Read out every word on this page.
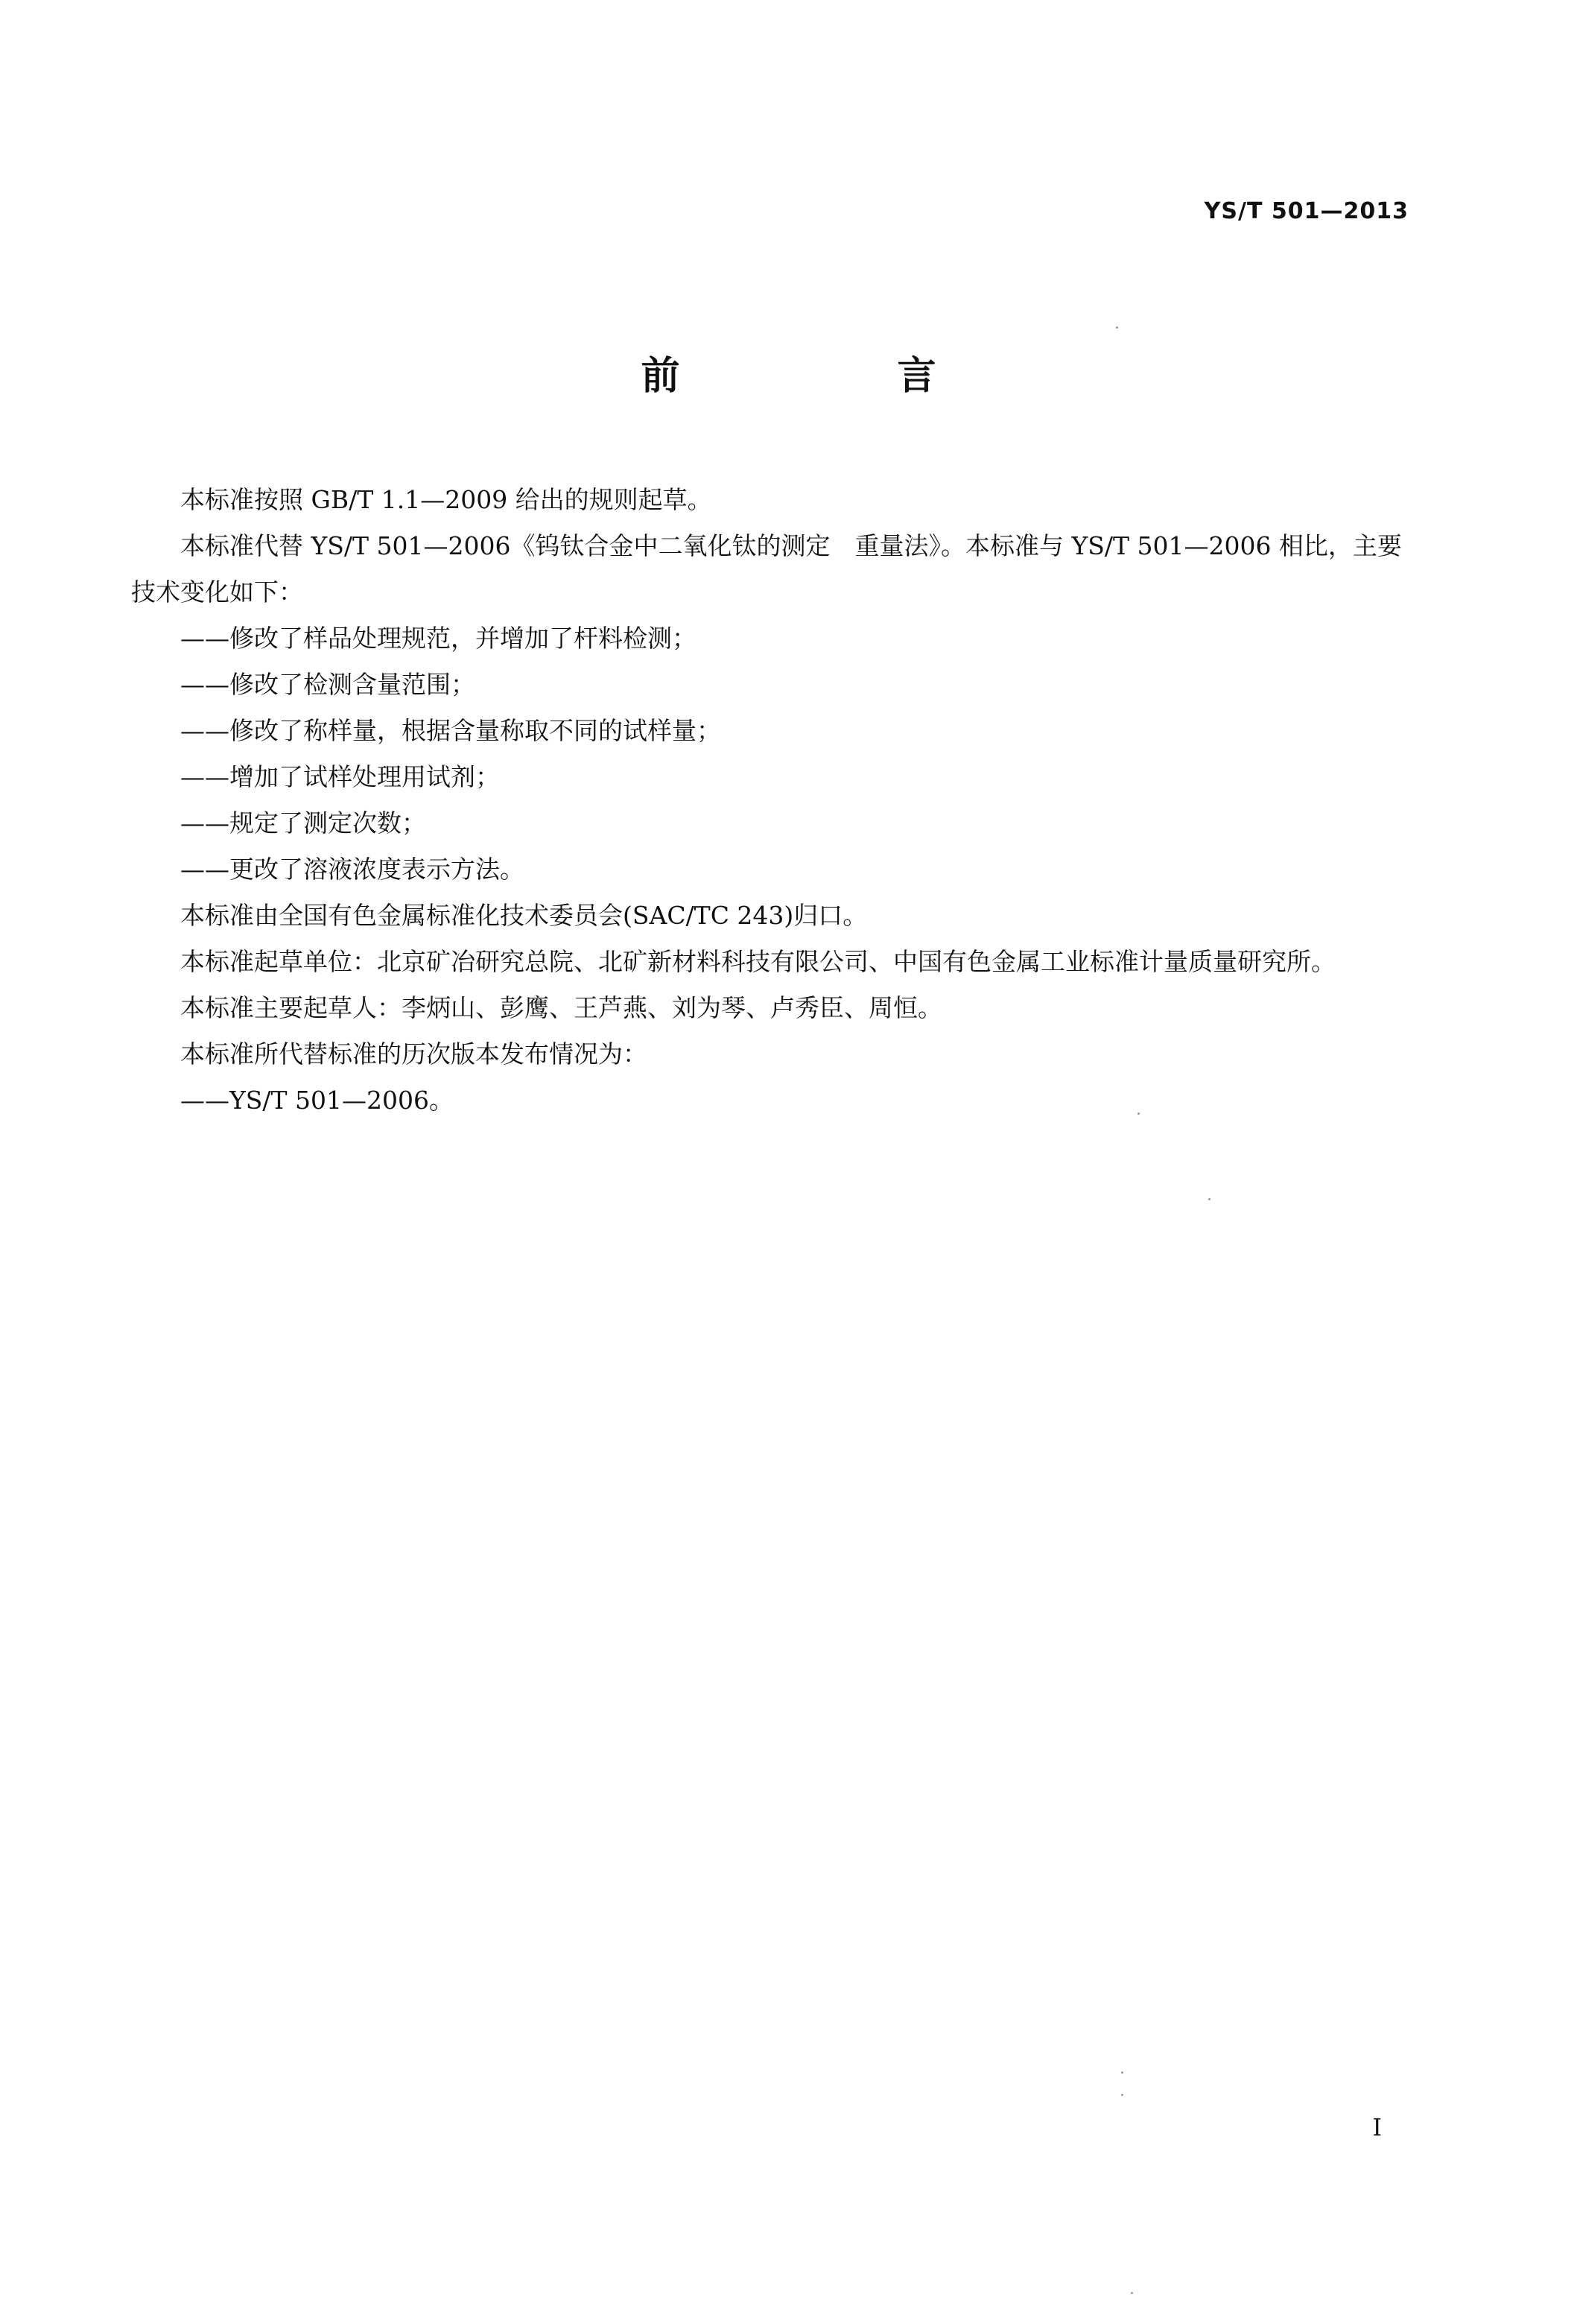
YS/T 501—2013
前　言

本标准按照 GB/T 1.1—2009 给出的规则起草。

本标准代替 YS/T 501—2006《钨钛合金中二氧化钛的测定　重量法》。本标准与 YS/T 501—2006 相比，主要技术变化如下：

——修改了样品处理规范，并增加了杆料检测；

——修改了检测含量范围；

——修改了称样量，根据含量称取不同的试样量；

——增加了试样处理用试剂；

——规定了测定次数；

——更改了溶液浓度表示方法。

本标准由全国有色金属标准化技术委员会(SAC/TC 243)归口。

本标准起草单位：北京矿冶研究总院、北矿新材料科技有限公司、中国有色金属工业标准计量质量研究所。

本标准主要起草人：李炳山、彭鹰、王芦燕、刘为琴、卢秀臣、周恒。

本标准所代替标准的历次版本发布情况为：

——YS/T 501—2006。

I
